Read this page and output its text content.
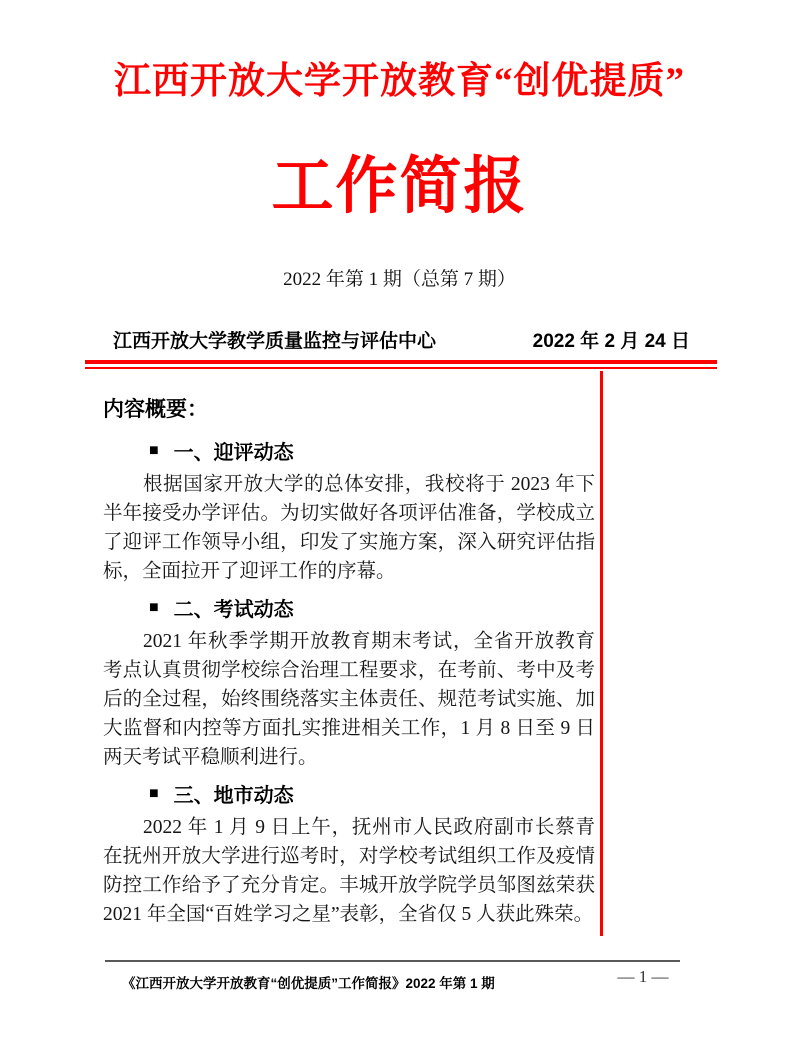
江西开放大学开放教育“创优提质”
工作简报
2022 年第 1 期（总第 7 期）
江西开放大学教学质量监控与评估中心	2022 年 2 月 24 日
内容概要：
■ 一、迎评动态

根据国家开放大学的总体安排，我校将于 2023 年下半年接受办学评估。为切实做好各项评估准备，学校成立了迎评工作领导小组，印发了实施方案，深入研究评估指标，全面拉开了迎评工作的序幕。

■ 二、考试动态

2021 年秋季学期开放教育期末考试，全省开放教育考点认真贯彻学校综合治理工程要求，在考前、考中及考后的全过程，始终围绕落实主体责任、规范考试实施、加大监督和内控等方面扎实推进相关工作，1 月 8 日至 9 日两天考试平稳顺利进行。

■ 三、地市动态

2022 年 1 月 9 日上午，抚州市人民政府副市长蔡青在抚州开放大学进行巡考时，对学校考试组织工作及疫情防控工作给予了充分肯定。丰城开放学院学员邹图兹荣获 2021 年全国“百姓学习之星”表彰，全省仅 5 人获此殊荣。

— 1 —
《江西开放大学开放教育“创优提质”工作简报》2022 年第 1 期
